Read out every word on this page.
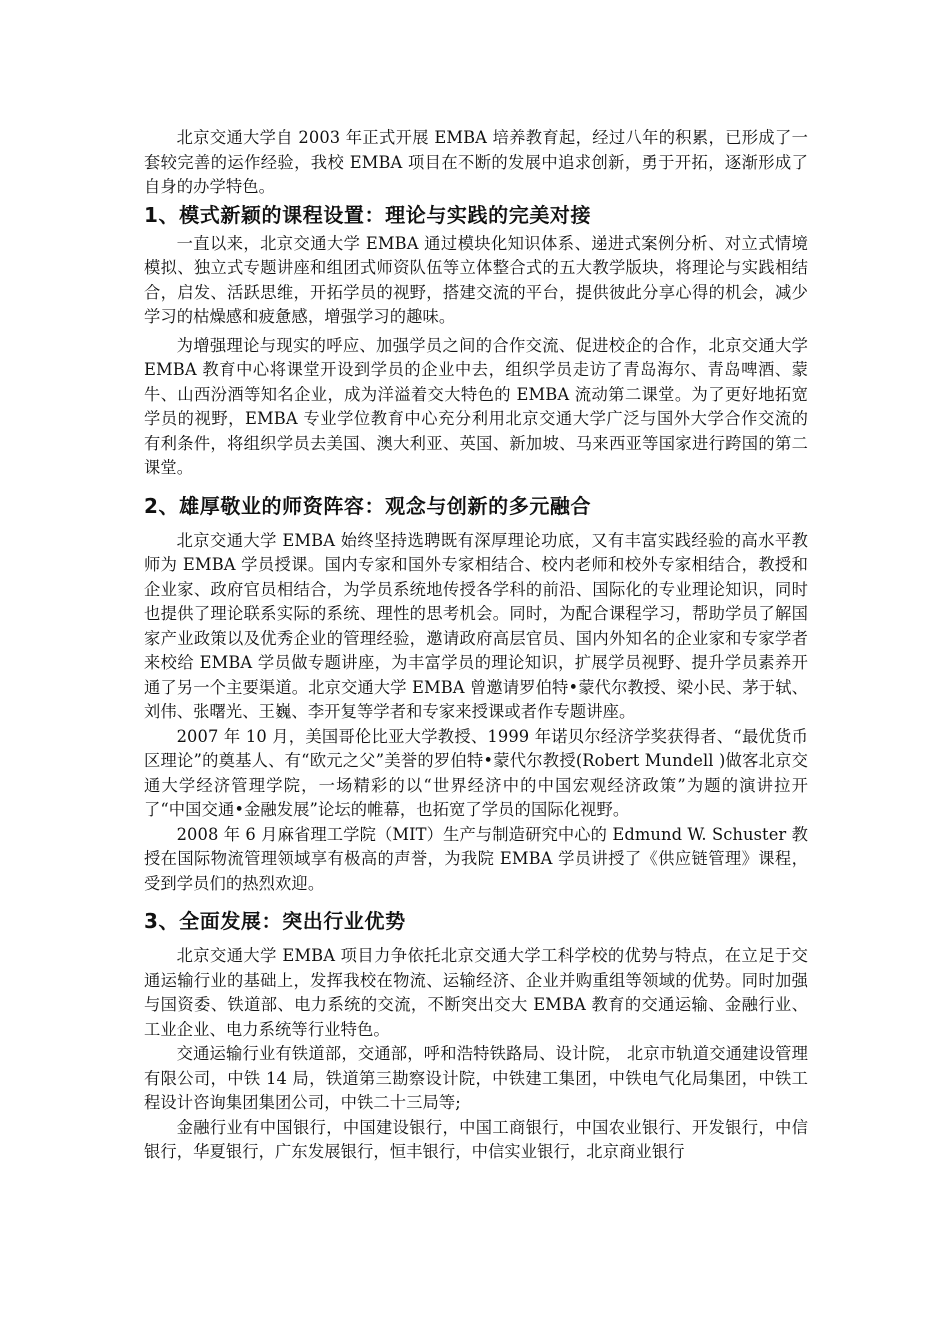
北京交通大学自 2003 年正式开展 EMBA 培养教育起，经过八年的积累，已形成了一套较完善的运作经验，我校 EMBA 项目在不断的发展中追求创新，勇于开拓，逐渐形成了自身的办学特色。

1、模式新颖的课程设置：理论与实践的完美对接

一直以来，北京交通大学 EMBA 通过模块化知识体系、递进式案例分析、对立式情境模拟、独立式专题讲座和组团式师资队伍等立体整合式的五大教学版块，将理论与实践相结合，启发、活跃思维，开拓学员的视野，搭建交流的平台，提供彼此分享心得的机会，减少学习的枯燥感和疲惫感，增强学习的趣味。

为增强理论与现实的呼应、加强学员之间的合作交流、促进校企的合作，北京交通大学 EMBA 教育中心将课堂开设到学员的企业中去，组织学员走访了青岛海尔、青岛啤酒、蒙牛、山西汾酒等知名企业，成为洋溢着交大特色的 EMBA 流动第二课堂。为了更好地拓宽学员的视野，EMBA 专业学位教育中心充分利用北京交通大学广泛与国外大学合作交流的有利条件，将组织学员去美国、澳大利亚、英国、新加坡、马来西亚等国家进行跨国的第二课堂。

2、雄厚敬业的师资阵容：观念与创新的多元融合

北京交通大学 EMBA 始终坚持选聘既有深厚理论功底，又有丰富实践经验的高水平教师为 EMBA 学员授课。国内专家和国外专家相结合、校内老师和校外专家相结合，教授和企业家、政府官员相结合，为学员系统地传授各学科的前沿、国际化的专业理论知识，同时也提供了理论联系实际的系统、理性的思考机会。同时，为配合课程学习，帮助学员了解国家产业政策以及优秀企业的管理经验，邀请政府高层官员、国内外知名的企业家和专家学者来校给 EMBA 学员做专题讲座，为丰富学员的理论知识，扩展学员视野、提升学员素养开通了另一个主要渠道。北京交通大学 EMBA 曾邀请罗伯特•蒙代尔教授、梁小民、茅于轼、刘伟、张曙光、王巍、李开复等学者和专家来授课或者作专题讲座。

2007 年 10 月，美国哥伦比亚大学教授、1999 年诺贝尔经济学奖获得者、“最优货币区理论”的奠基人、有“欧元之父”美誉的罗伯特•蒙代尔教授(Robert Mundell )做客北京交通大学经济管理学院，一场精彩的以“世界经济中的中国宏观经济政策”为题的演讲拉开了“中国交通•金融发展”论坛的帷幕，也拓宽了学员的国际化视野。

2008 年 6 月麻省理工学院（MIT）生产与制造研究中心的 Edmund W. Schuster 教授在国际物流管理领域享有极高的声誉，为我院 EMBA 学员讲授了《供应链管理》课程，受到学员们的热烈欢迎。

3、全面发展：突出行业优势

北京交通大学 EMBA 项目力争依托北京交通大学工科学校的优势与特点，在立足于交通运输行业的基础上，发挥我校在物流、运输经济、企业并购重组等领域的优势。同时加强与国资委、铁道部、电力系统的交流，不断突出交大 EMBA 教育的交通运输、金融行业、工业企业、电力系统等行业特色。

交通运输行业有铁道部，交通部，呼和浩特铁路局、设计院， 北京市轨道交通建设管理有限公司，中铁 14 局，铁道第三勘察设计院，中铁建工集团，中铁电气化局集团，中铁工程设计咨询集团集团公司，中铁二十三局等;

金融行业有中国银行，中国建设银行，中国工商银行，中国农业银行、开发银行，中信银行，华夏银行，广东发展银行，恒丰银行，中信实业银行，北京商业银行
